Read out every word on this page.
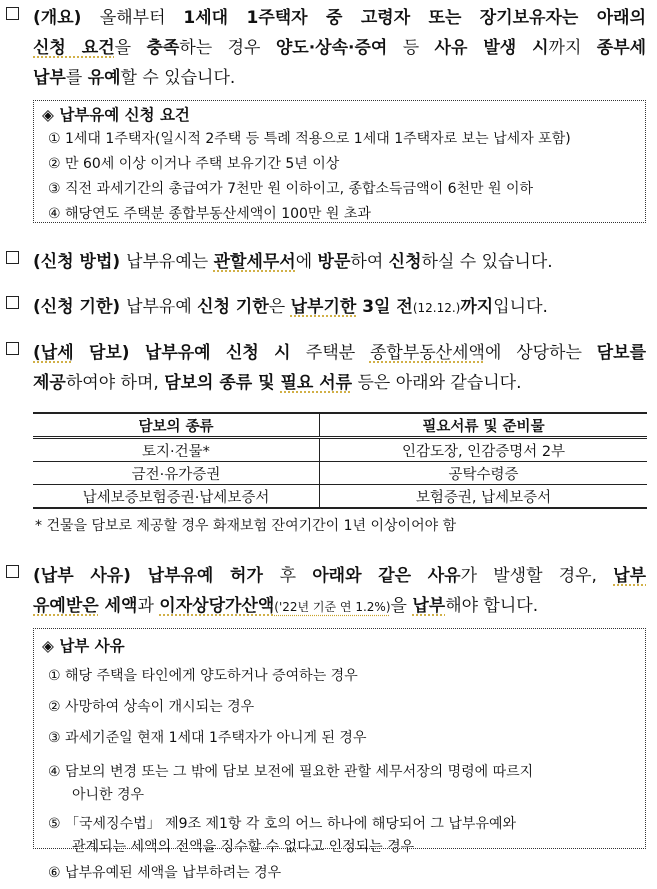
(개요) 올해부터 1세대 1주택자 중 고령자 또는 장기보유자는 아래의
신청 요건을 충족하는 경우 양도·상속·증여 등 사유 발생 시까지 종부세
납부를 유예할 수 있습니다.
◈ 납부유예 신청 요건
① 1세대 1주택자(일시적 2주택 등 특례 적용으로 1세대 1주택자로 보는 납세자 포함)
② 만 60세 이상 이거나 주택 보유기간 5년 이상
③ 직전 과세기간의 총급여가 7천만 원 이하이고, 종합소득금액이 6천만 원 이하
④ 해당연도 주택분 종합부동산세액이 100만 원 초과
(신청 방법) 납부유예는 관할세무서에 방문하여 신청하실 수 있습니다.
(신청 기한) 납부유예 신청 기한은 납부기한 3일 전(12.12.)까지입니다.
(납세 담보) 납부유예 신청 시 주택분 종합부동산세액에 상당하는 담보를
제공하여야 하며, 담보의 종류 및 필요 서류 등은 아래와 같습니다.
담보의 종류	필요서류 및 준비물
토지·건물*	인감도장, 인감증명서 2부
금전·유가증권	공탁수령증
납세보증보험증권·납세보증서	보험증권, 납세보증서
* 건물을 담보로 제공할 경우 화재보험 잔여기간이 1년 이상이어야 함
(납부 사유) 납부유예 허가 후 아래와 같은 사유가 발생할 경우, 납부
유예받은 세액과 이자상당가산액('22년 기준 연 1.2%)을 납부해야 합니다.
◈ 납부 사유
① 해당 주택을 타인에게 양도하거나 증여하는 경우
② 사망하여 상속이 개시되는 경우
③ 과세기준일 현재 1세대 1주택자가 아니게 된 경우
④ 담보의 변경 또는 그 밖에 담보 보전에 필요한 관할 세무서장의 명령에 따르지
아니한 경우
⑤ 「국세징수법」 제9조 제1항 각 호의 어느 하나에 해당되어 그 납부유예와
관계되는 세액의 전액을 징수할 수 없다고 인정되는 경우
⑥ 납부유예된 세액을 납부하려는 경우
